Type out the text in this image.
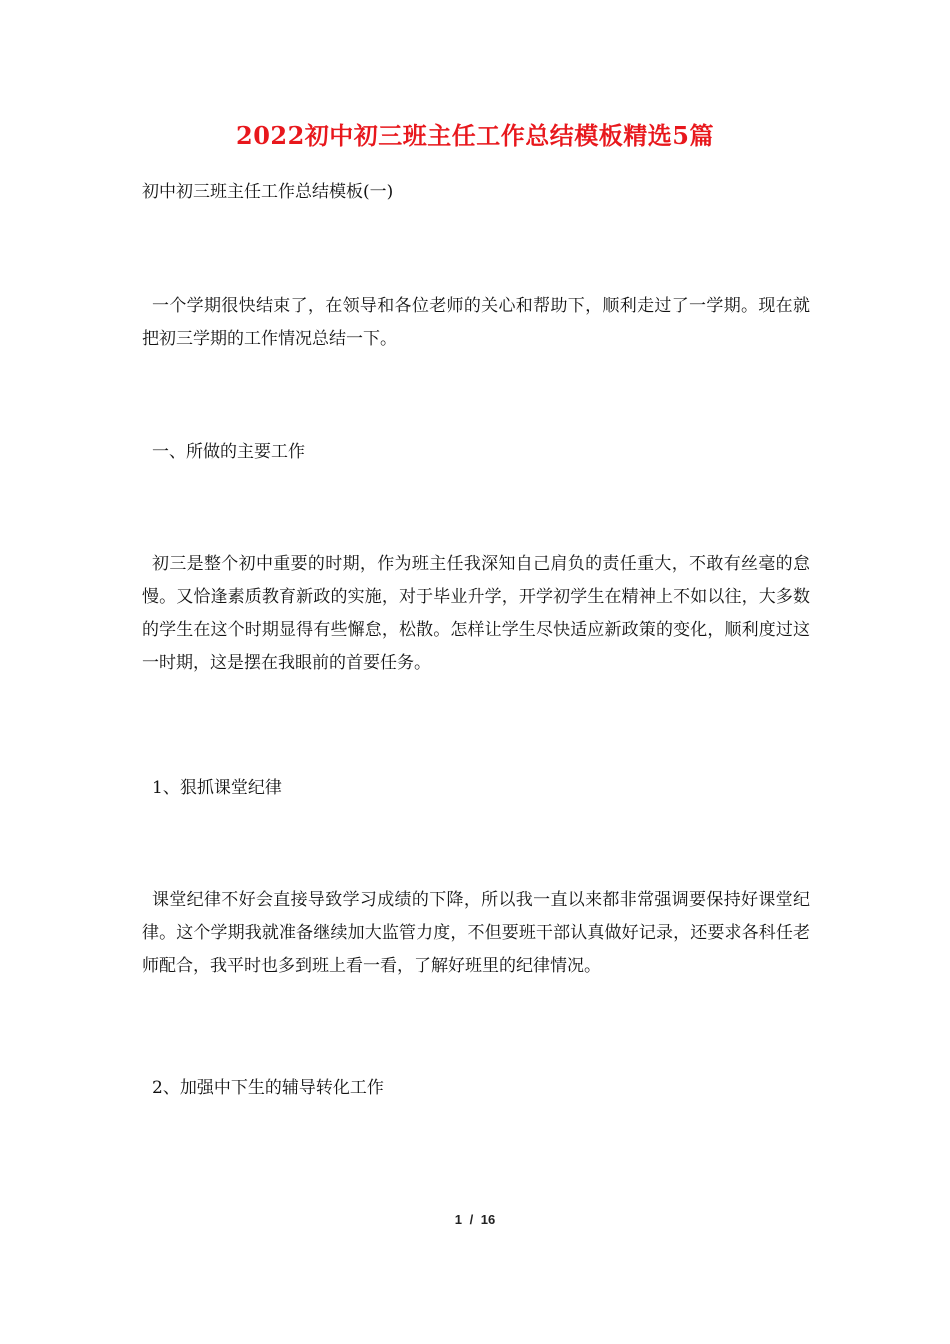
2022初中初三班主任工作总结模板精选5篇
初中初三班主任工作总结模板(一)

一个学期很快结束了，在领导和各位老师的关心和帮助下，顺利走过了一学期。现在就把初三学期的工作情况总结一下。

一、所做的主要工作

初三是整个初中重要的时期，作为班主任我深知自己肩负的责任重大，不敢有丝毫的怠慢。又恰逢素质教育新政的实施，对于毕业升学，开学初学生在精神上不如以往，大多数的学生在这个时期显得有些懈怠，松散。怎样让学生尽快适应新政策的变化，顺利度过这一时期，这是摆在我眼前的首要任务。

1、狠抓课堂纪律

课堂纪律不好会直接导致学习成绩的下降，所以我一直以来都非常强调要保持好课堂纪律。这个学期我就准备继续加大监管力度，不但要班干部认真做好记录，还要求各科任老师配合，我平时也多到班上看一看，了解好班里的纪律情况。

2、加强中下生的辅导转化工作
1 / 16
